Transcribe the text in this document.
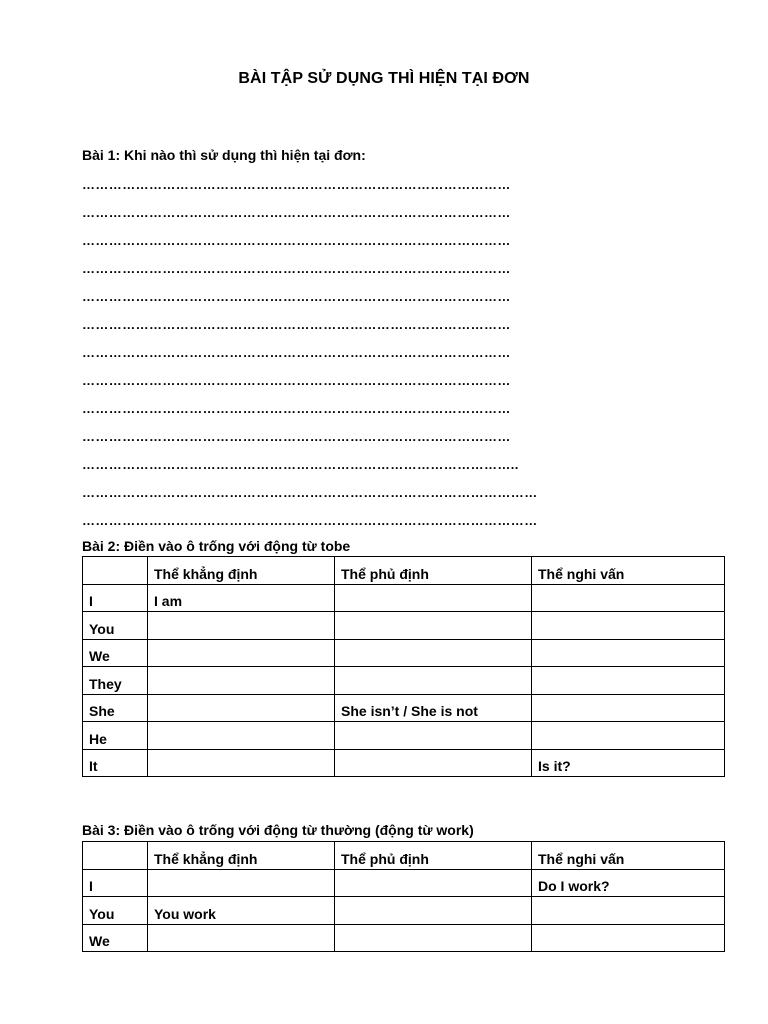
BÀI TẬP SỬ DỤNG THÌ HIỆN TẠI ĐƠN
Bài 1: Khi nào thì sử dụng thì hiện tại đơn:
……………………………………………………………………………………
……………………………………………………………………………………
……………………………………………………………………………………
……………………………………………………………………………………
……………………………………………………………………………………
……………………………………………………………………………………
……………………………………………………………………………………
……………………………………………………………………………………
……………………………………………………………………………………
……………………………………………………………………………………
……………………………………………………………………………………..
…………………………………………………………………………………………
…………………………………………………………………………………………
Bài 2: Điền vào ô trống với động từ tobe
	Thể khẳng định	Thể phủ định	Thể nghi vấn
I	I am		
You			
We			
They			
She		She isn’t / She is not	
He			
It			Is it?
Bài 3: Điền vào ô trống với động từ thường (động từ work)
	Thể khẳng định	Thể phủ định	Thể nghi vấn
I			Do I work?
You	You work		
We			
